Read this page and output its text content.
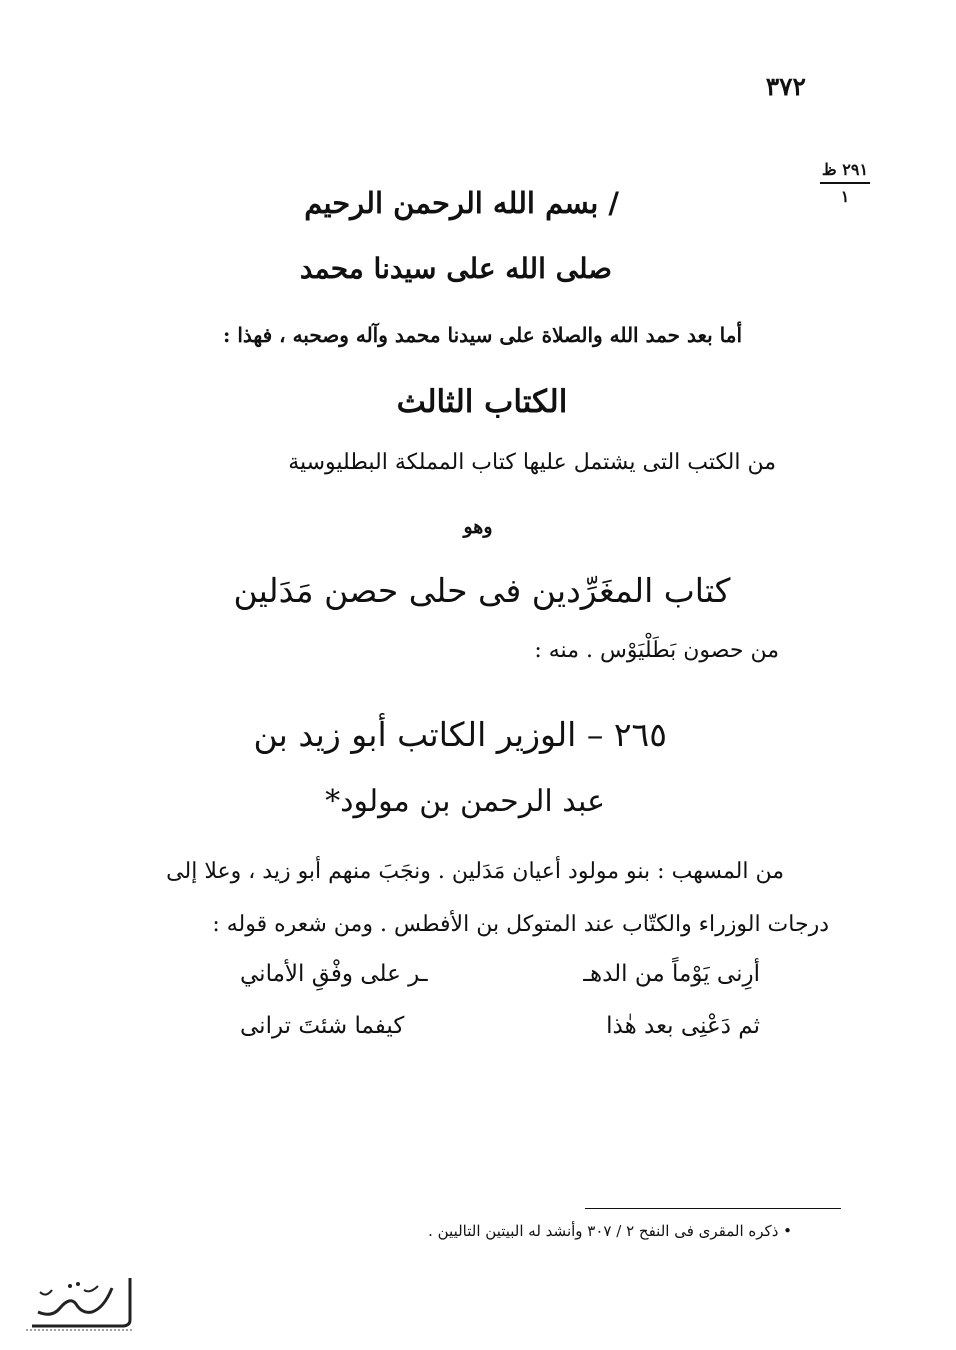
٣٧٢
٢٩١ ظ
١
/ بسم الله الرحمن الرحيم
صلى الله على سيدنا محمد
أما بعد حمد الله والصلاة على سيدنا محمد وآله وصحبه ، فهذا :
الكتاب الثالث
من الكتب التى يشتمل عليها كتاب المملكة البطليوسية
وهو
كتاب المغَرِّدين فى حلى حصن مَدَلين
من حصون بَطَلْيَوْس . منه :
٢٦٥ – الوزير الكاتب أبو زيد بن
عبد الرحمن بن مولود*
من المسهب : بنو مولود أعيان مَدَلين . ونجَبَ منهم أبو زيد ، وعلا إلى
درجات الوزراء والكتّاب عند المتوكل بن الأفطس . ومن شعره قوله :
أرِنى يَوْماً من الدهـ
ـر على وفْقِ الأماني
ثم دَعْنِى بعد هٰذا
كيفما شئتَ ترانى
• ذكره المقرى فى النفح ٢ / ٣٠٧ وأنشد له البيتين التاليين .
